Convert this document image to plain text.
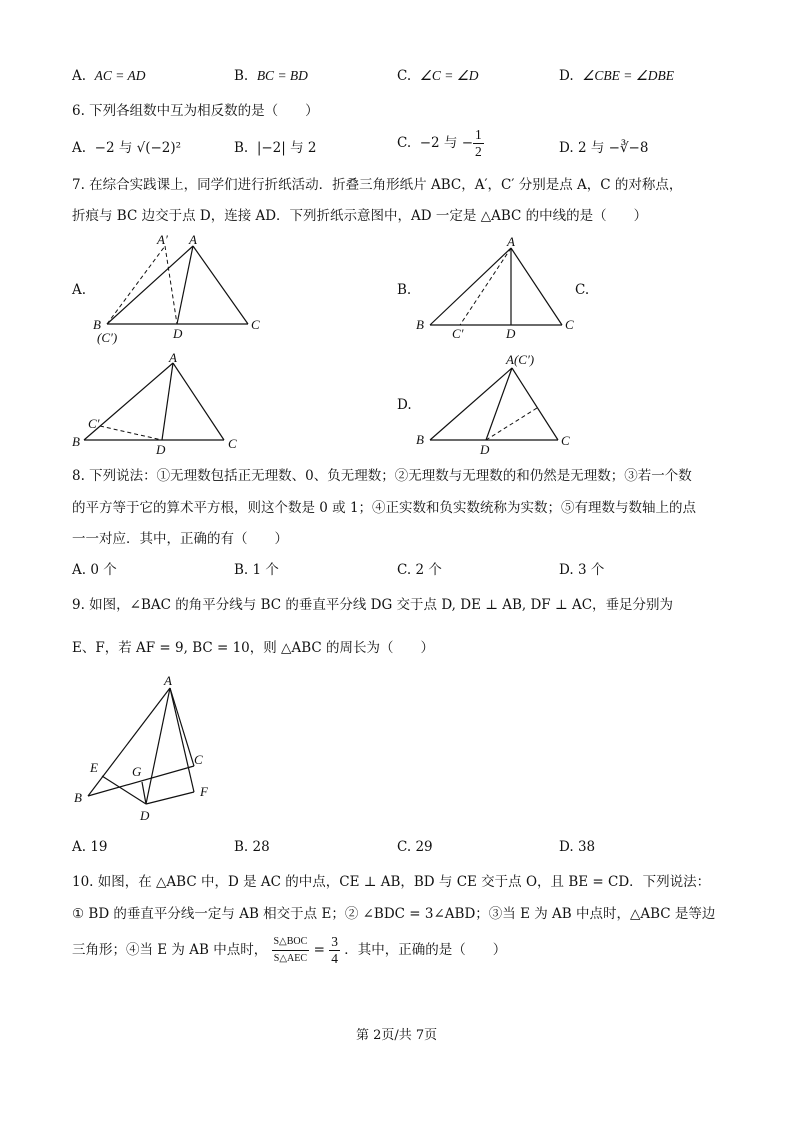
A. AC = AD	B. BC = BD	C. ∠C = ∠D	D. ∠CBE = ∠DBE
6. 下列各组数中互为相反数的是（　　）
A. −2 与 √(−2)²	B. |−2| 与 2	C. −2 与 − $\frac{1}{2}$	D. 2 与 −∛−8
7. 在综合实践课上，同学们进行折纸活动．折叠三角形纸片 ABC，A′，C′ 分别是点 A，C 的对称点，
折痕与 BC 边交于点 D，连接 AD．下列折纸示意图中，AD 一定是 △ABC 的中线的是（　　）
A.	B.	C.
D.
A′ A
B
(C′)	D
C
A
B
C′	D
C
A
C′
B
D	C
A(C′)
B
D
C
8. 下列说法：①无理数包括正无理数、0、负无理数；②无理数与无理数的和仍然是无理数；③若一个数
的平方等于它的算术平方根，则这个数是 0 或 1；④正实数和负实数统称为实数；⑤有理数与数轴上的点
一一对应．其中，正确的有（　　）
A. 0 个	B. 1 个	C. 2 个	D. 3 个
9. 如图，∠BAC 的角平分线与 BC 的垂直平分线 DG 交于点 D, DE ⊥ AB, DF ⊥ AC，垂足分别为
E、F，若 AF = 9, BC = 10，则 △ABC 的周长为（　　）
A
E	G
C
B	F
D
A. 19	B. 28	C. 29	D. 38
10. 如图，在 △ABC 中，D 是 AC 的中点，CE ⊥ AB，BD 与 CE 交于点 O，且 BE = CD．下列说法：
① BD 的垂直平分线一定与 AB 相交于点 E；② ∠BDC = 3∠ABD；③当 E 为 AB 中点时，△ABC 是等边
三角形；④当 E 为 AB 中点时， $\frac{\text{S△BOC}}{\text{S△AEC}} = \frac{3}{4}$ ．其中，正确的是（　　）
第 2页/共 7页
